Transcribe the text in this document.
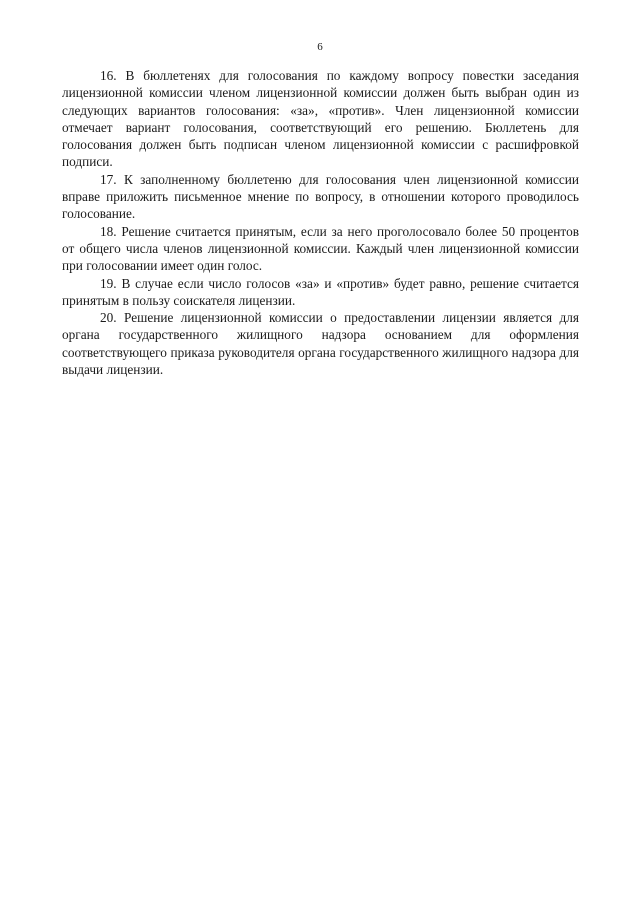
6

16. В бюллетенях для голосования по каждому вопросу повестки заседания лицензионной комиссии членом лицензионной комиссии должен быть выбран один из следующих вариантов голосования: «за», «против». Член лицензионной комиссии отмечает вариант голосования, соответствующий его решению. Бюллетень для голосования должен быть подписан членом лицензионной комиссии с расшифровкой подписи.

17. К заполненному бюллетеню для голосования член лицензионной комиссии вправе приложить письменное мнение по вопросу, в отношении которого проводилось голосование.

18. Решение считается принятым, если за него проголосовало более 50 процентов от общего числа членов лицензионной комиссии. Каждый член лицензионной комиссии при голосовании имеет один голос.

19. В случае если число голосов «за» и «против» будет равно, решение считается принятым в пользу соискателя лицензии.

20. Решение лицензионной комиссии о предоставлении лицензии является для органа государственного жилищного надзора основанием для оформления соответствующего приказа руководителя органа государственного жилищного надзора для выдачи лицензии.
